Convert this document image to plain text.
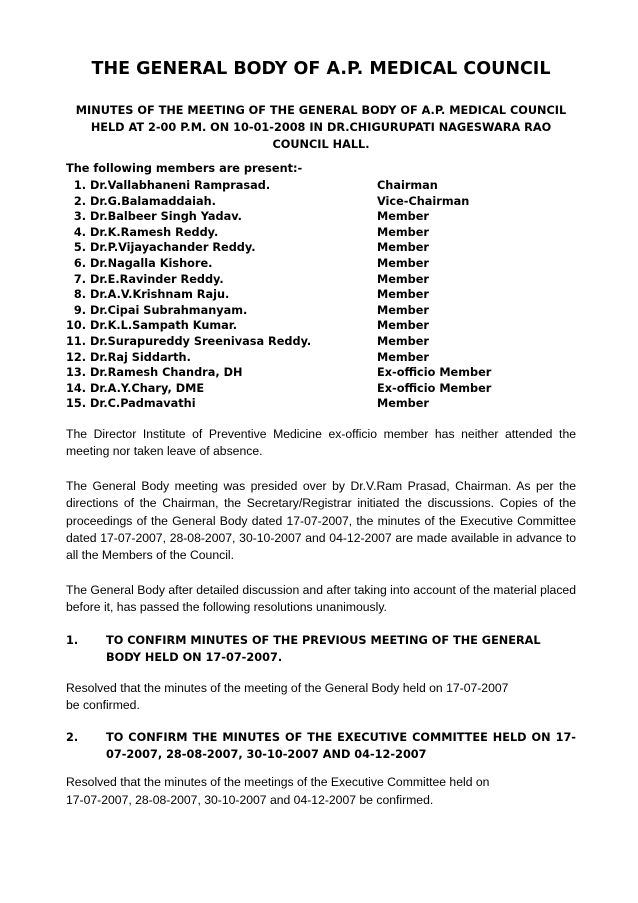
THE GENERAL BODY OF A.P. MEDICAL COUNCIL
MINUTES OF THE MEETING OF THE GENERAL BODY OF A.P. MEDICAL COUNCIL
HELD AT 2-00 P.M. ON 10-01-2008 IN DR.CHIGURUPATI NAGESWARA RAO
COUNCIL HALL.
The following members are present:-
1. Dr.Vallabhaneni Ramprasad.	Chairman
2. Dr.G.Balamaddaiah.	Vice-Chairman
3. Dr.Balbeer Singh Yadav.	Member
4. Dr.K.Ramesh Reddy.	Member
5. Dr.P.Vijayachander Reddy.	Member
6. Dr.Nagalla Kishore.	Member
7. Dr.E.Ravinder Reddy.	Member
8. Dr.A.V.Krishnam Raju.	Member
9. Dr.Cipai Subrahmanyam.	Member
10. Dr.K.L.Sampath Kumar.	Member
11. Dr.Surapureddy Sreenivasa Reddy.	Member
12. Dr.Raj Siddarth.	Member
13. Dr.Ramesh Chandra, DH	Ex-officio Member
14. Dr.A.Y.Chary, DME	Ex-officio Member
15. Dr.C.Padmavathi	Member

The Director Institute of Preventive Medicine ex-officio member has neither attended the meeting nor taken leave of absence.

The General Body meeting was presided over by Dr.V.Ram Prasad, Chairman. As per the directions of the Chairman, the Secretary/Registrar initiated the discussions. Copies of the proceedings of the General Body dated 17-07-2007, the minutes of the Executive Committee dated 17-07-2007, 28-08-2007, 30-10-2007 and 04-12-2007 are made available in advance to all the Members of the Council.

The General Body after detailed discussion and after taking into account of the material placed before it, has passed the following resolutions unanimously.

1. TO CONFIRM MINUTES OF THE PREVIOUS MEETING OF THE GENERAL
BODY HELD ON 17-07-2007.

Resolved that the minutes of the meeting of the General Body held on 17-07-2007
be confirmed.

2. TO CONFIRM THE MINUTES OF THE EXECUTIVE COMMITTEE HELD ON 17-07-2007, 28-08-2007, 30-10-2007 AND 04-12-2007

Resolved that the minutes of the meetings of the Executive Committee held on
17-07-2007, 28-08-2007, 30-10-2007 and 04-12-2007 be confirmed.
